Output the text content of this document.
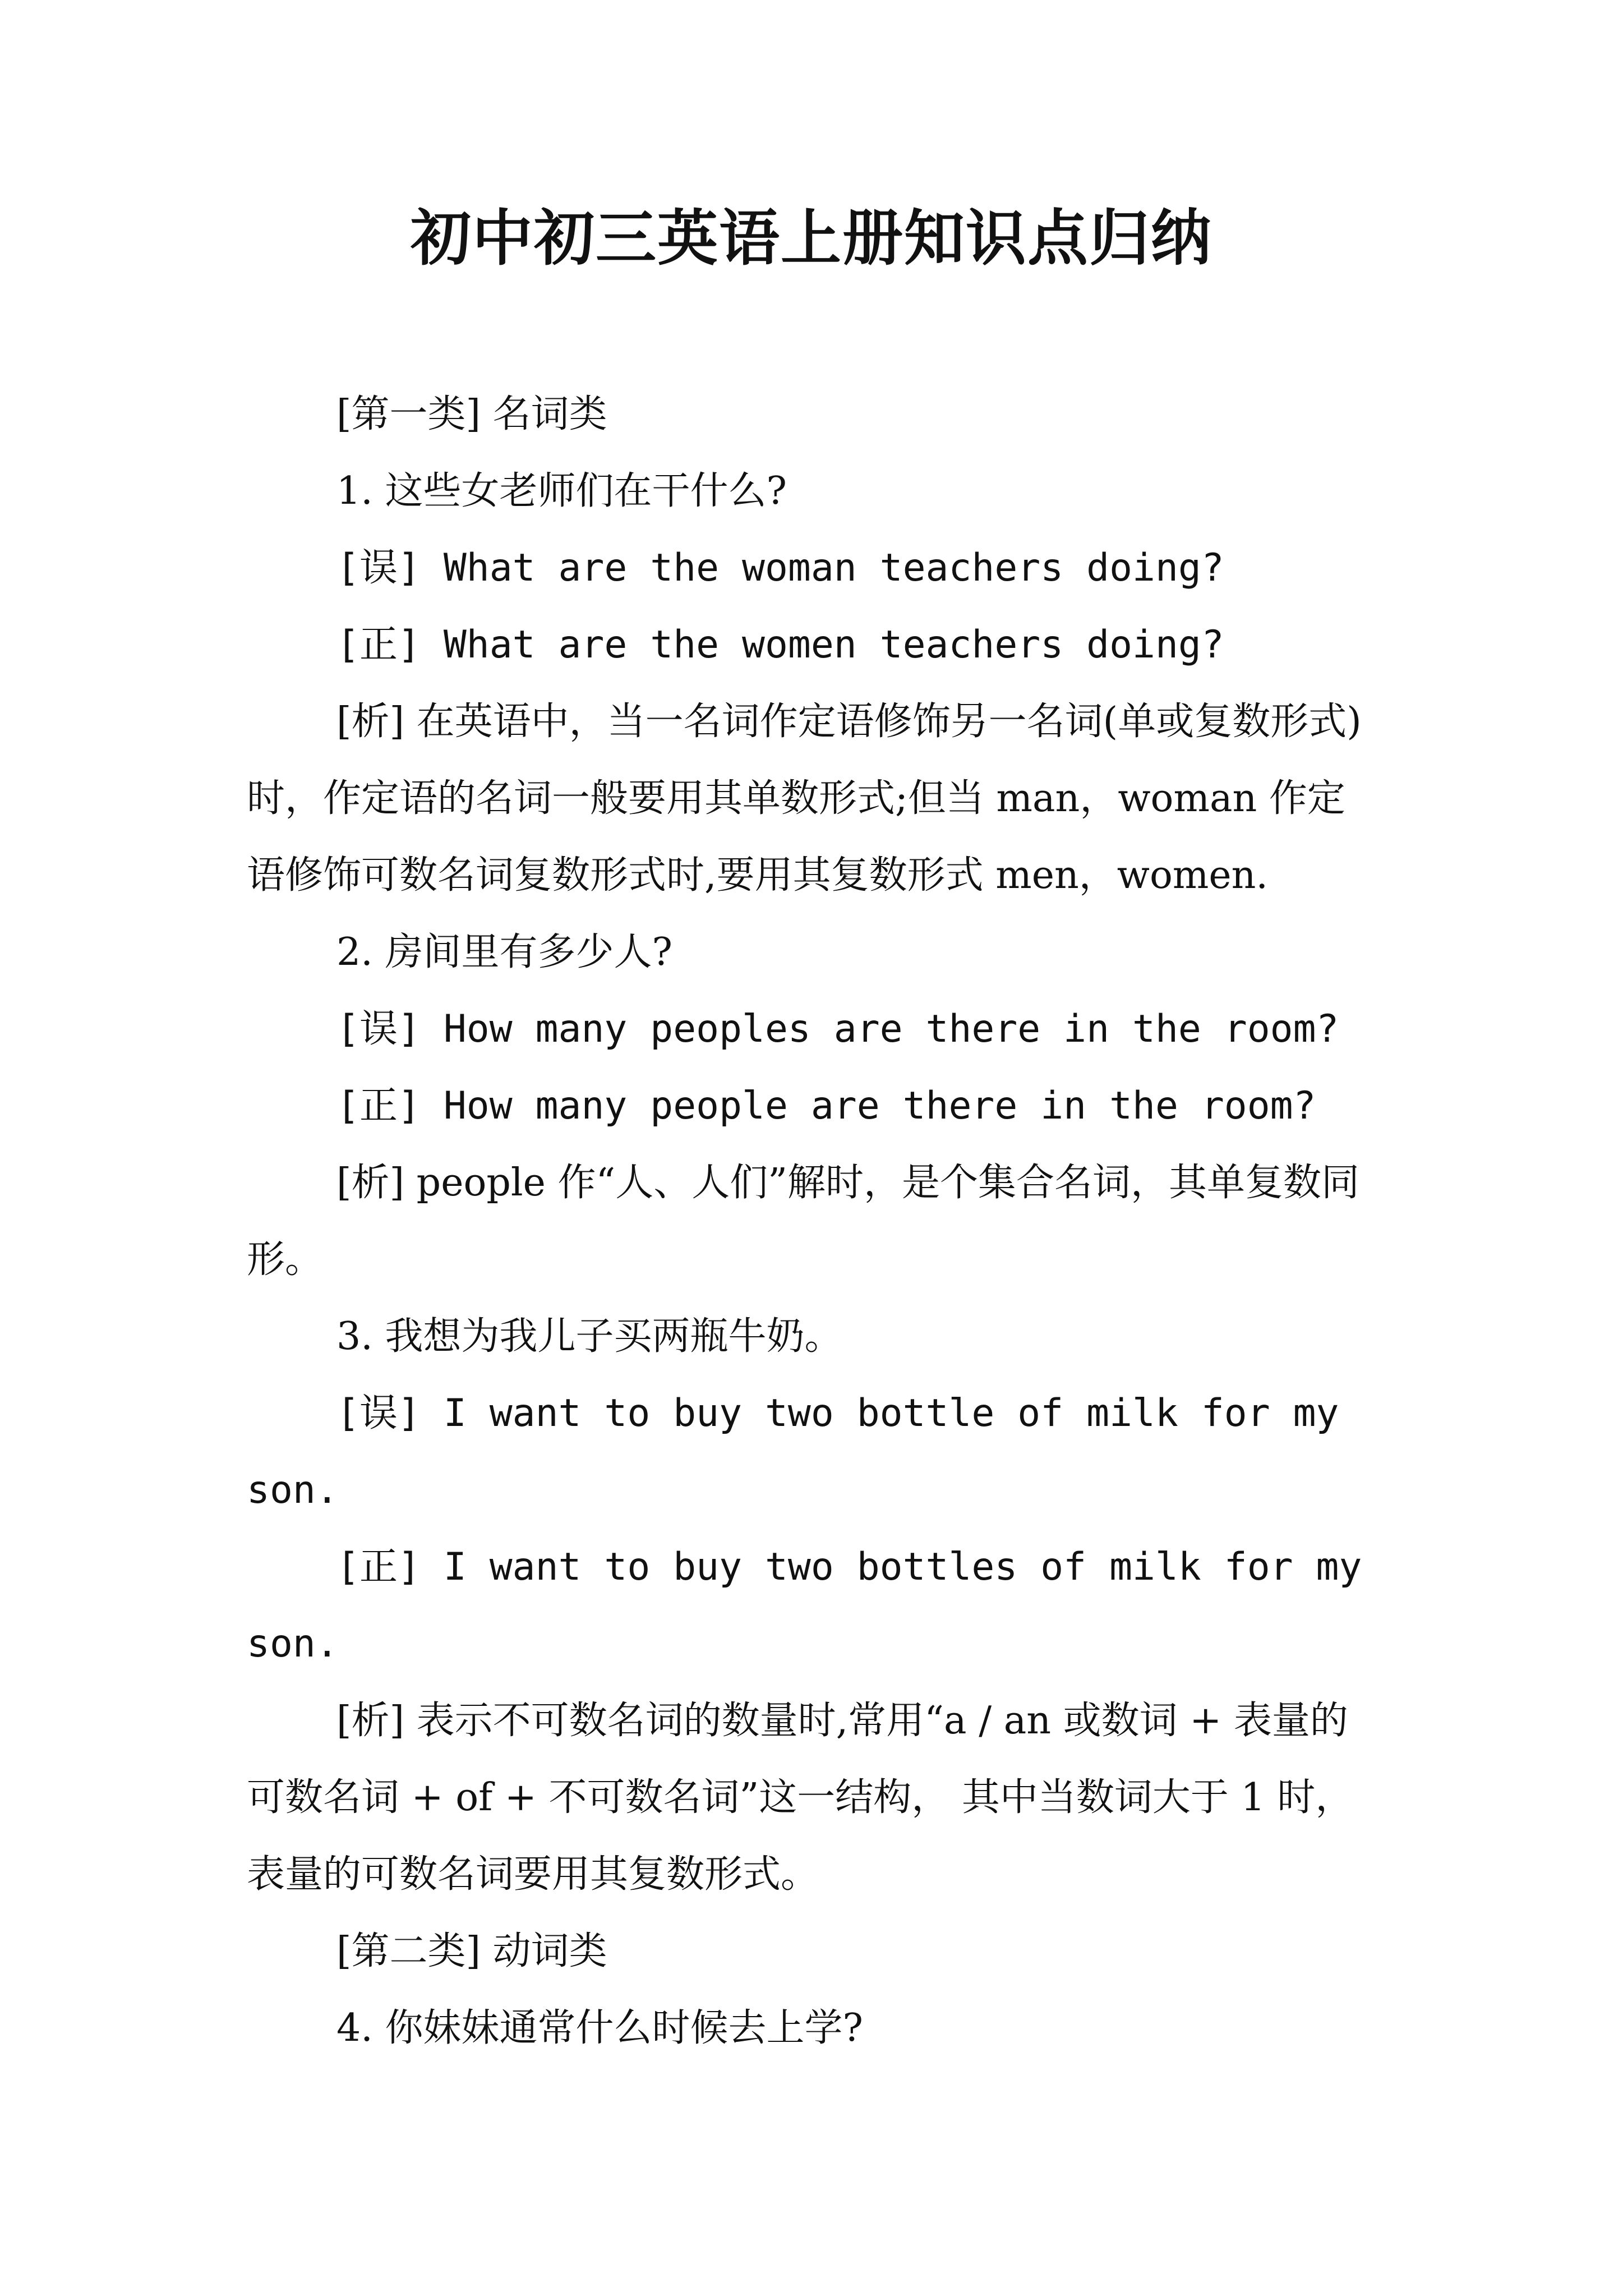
初中初三英语上册知识点归纳

[第一类] 名词类

1. 这些女老师们在干什么?

[误] What are the woman teachers doing?

[正] What are the women teachers doing?

[析] 在英语中，当一名词作定语修饰另一名词(单或复数形式)时，作定语的名词一般要用其单数形式;但当 man，woman 作定语修饰可数名词复数形式时,要用其复数形式 men，women.

2. 房间里有多少人?

[误] How many peoples are there in the room?

[正] How many people are there in the room?

[析] people 作“人、人们”解时，是个集合名词，其单复数同形。

3. 我想为我儿子买两瓶牛奶。

[误] I want to buy two bottle of milk for my son.

[正] I want to buy two bottles of milk for my son.

[析] 表示不可数名词的数量时,常用“a / an 或数词 + 表量的可数名词 + of + 不可数名词”这一结构， 其中当数词大于 1 时，表量的可数名词要用其复数形式。

[第二类] 动词类

4. 你妹妹通常什么时候去上学?
